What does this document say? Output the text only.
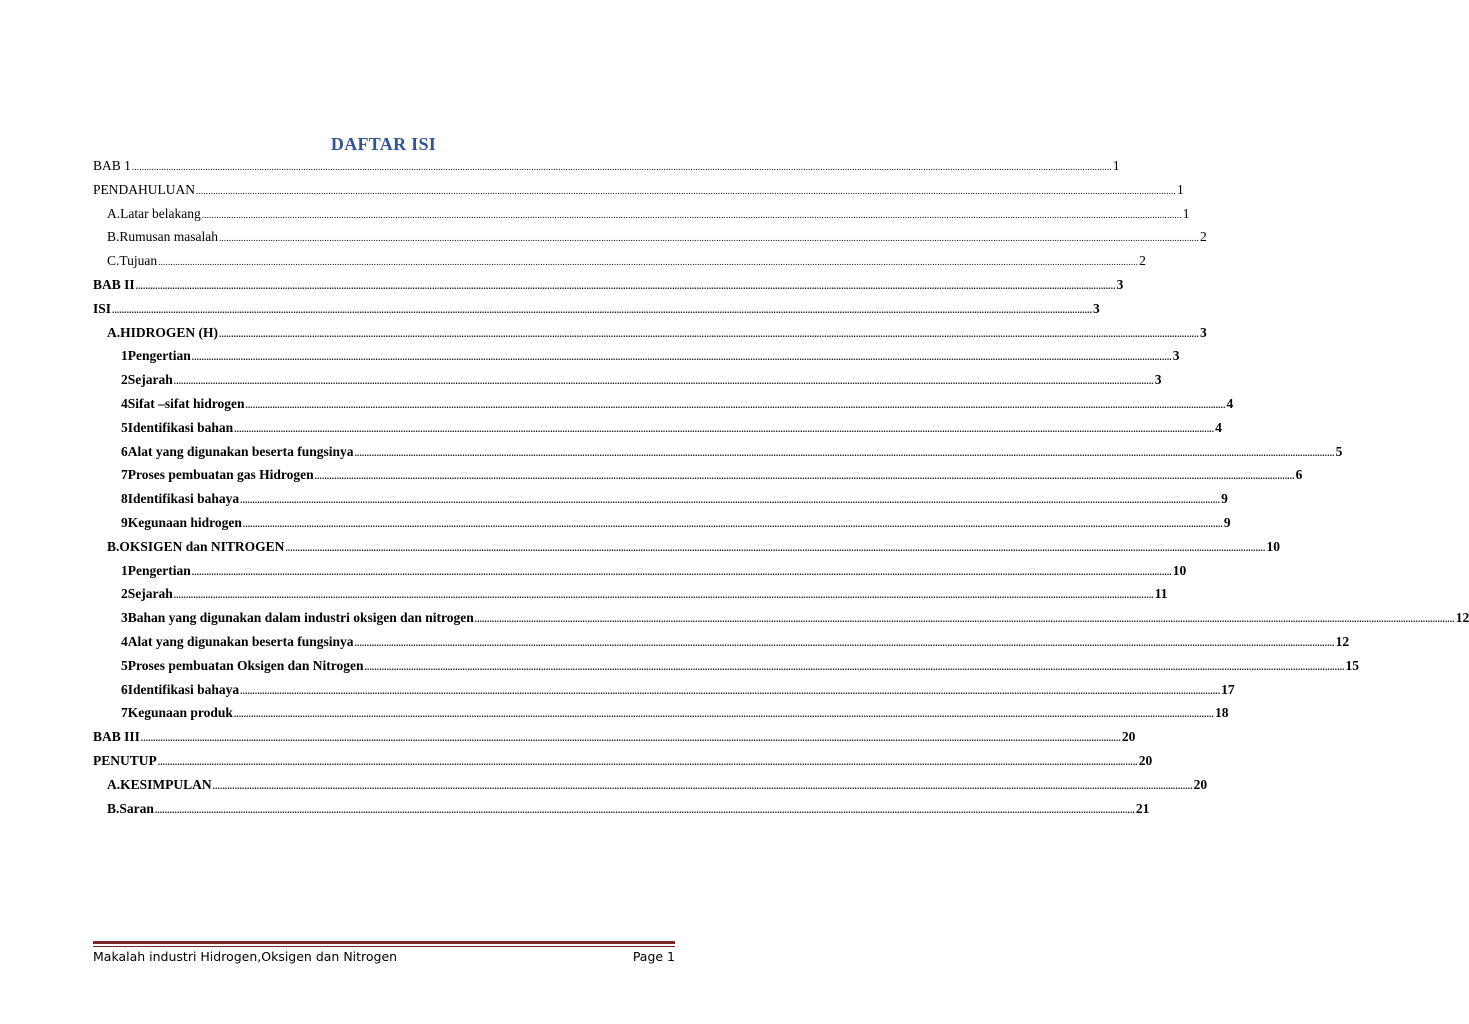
DAFTAR ISI
BAB 1 ................................................................................................................................................................................................................................................................................................................................................................................................................ 1
PENDAHULUAN ................................................................................................................................................................................................................................................................................................................................................................................................................ 1
A. Latar belakang ................................................................................................................................................................................................................................................................................................................................................................................................................ 1
B. Rumusan masalah ................................................................................................................................................................................................................................................................................................................................................................................................................ 2
C. Tujuan ................................................................................................................................................................................................................................................................................................................................................................................................................ 2
BAB II ................................................................................................................................................................................................................................................................................................................................................................................................................ 3
ISI ................................................................................................................................................................................................................................................................................................................................................................................................................ 3
A. HIDROGEN (H) ................................................................................................................................................................................................................................................................................................................................................................................................................ 3
1 Pengertian ................................................................................................................................................................................................................................................................................................................................................................................................................ 3
2 Sejarah ................................................................................................................................................................................................................................................................................................................................................................................................................ 3
4 Sifat –sifat hidrogen ................................................................................................................................................................................................................................................................................................................................................................................................................ 4
5 Identifikasi bahan ................................................................................................................................................................................................................................................................................................................................................................................................................ 4
6 Alat yang digunakan beserta fungsinya ................................................................................................................................................................................................................................................................................................................................................................................................................ 5
7 Proses pembuatan gas Hidrogen ................................................................................................................................................................................................................................................................................................................................................................................................................ 6
8 Identifikasi bahaya ................................................................................................................................................................................................................................................................................................................................................................................................................ 9
9 Kegunaan hidrogen ................................................................................................................................................................................................................................................................................................................................................................................................................ 9
B. OKSIGEN dan NITROGEN ................................................................................................................................................................................................................................................................................................................................................................................................................ 10
1 Pengertian ................................................................................................................................................................................................................................................................................................................................................................................................................ 10
2 Sejarah ................................................................................................................................................................................................................................................................................................................................................................................................................ 11
3 Bahan yang digunakan dalam industri oksigen dan nitrogen ................................................................................................................................................................................................................................................................................................................................................................................................................ 12
4 Alat yang digunakan beserta fungsinya ................................................................................................................................................................................................................................................................................................................................................................................................................ 12
5 Proses pembuatan Oksigen dan Nitrogen ................................................................................................................................................................................................................................................................................................................................................................................................................ 15
6 Identifikasi bahaya ................................................................................................................................................................................................................................................................................................................................................................................................................ 17
7 Kegunaan produk ................................................................................................................................................................................................................................................................................................................................................................................................................ 18
BAB III ................................................................................................................................................................................................................................................................................................................................................................................................................ 20
PENUTUP ................................................................................................................................................................................................................................................................................................................................................................................................................ 20
A. KESIMPULAN ................................................................................................................................................................................................................................................................................................................................................................................................................ 20
B. Saran ................................................................................................................................................................................................................................................................................................................................................................................................................ 21
Makalah industri Hidrogen,Oksigen dan Nitrogen	Page 1
